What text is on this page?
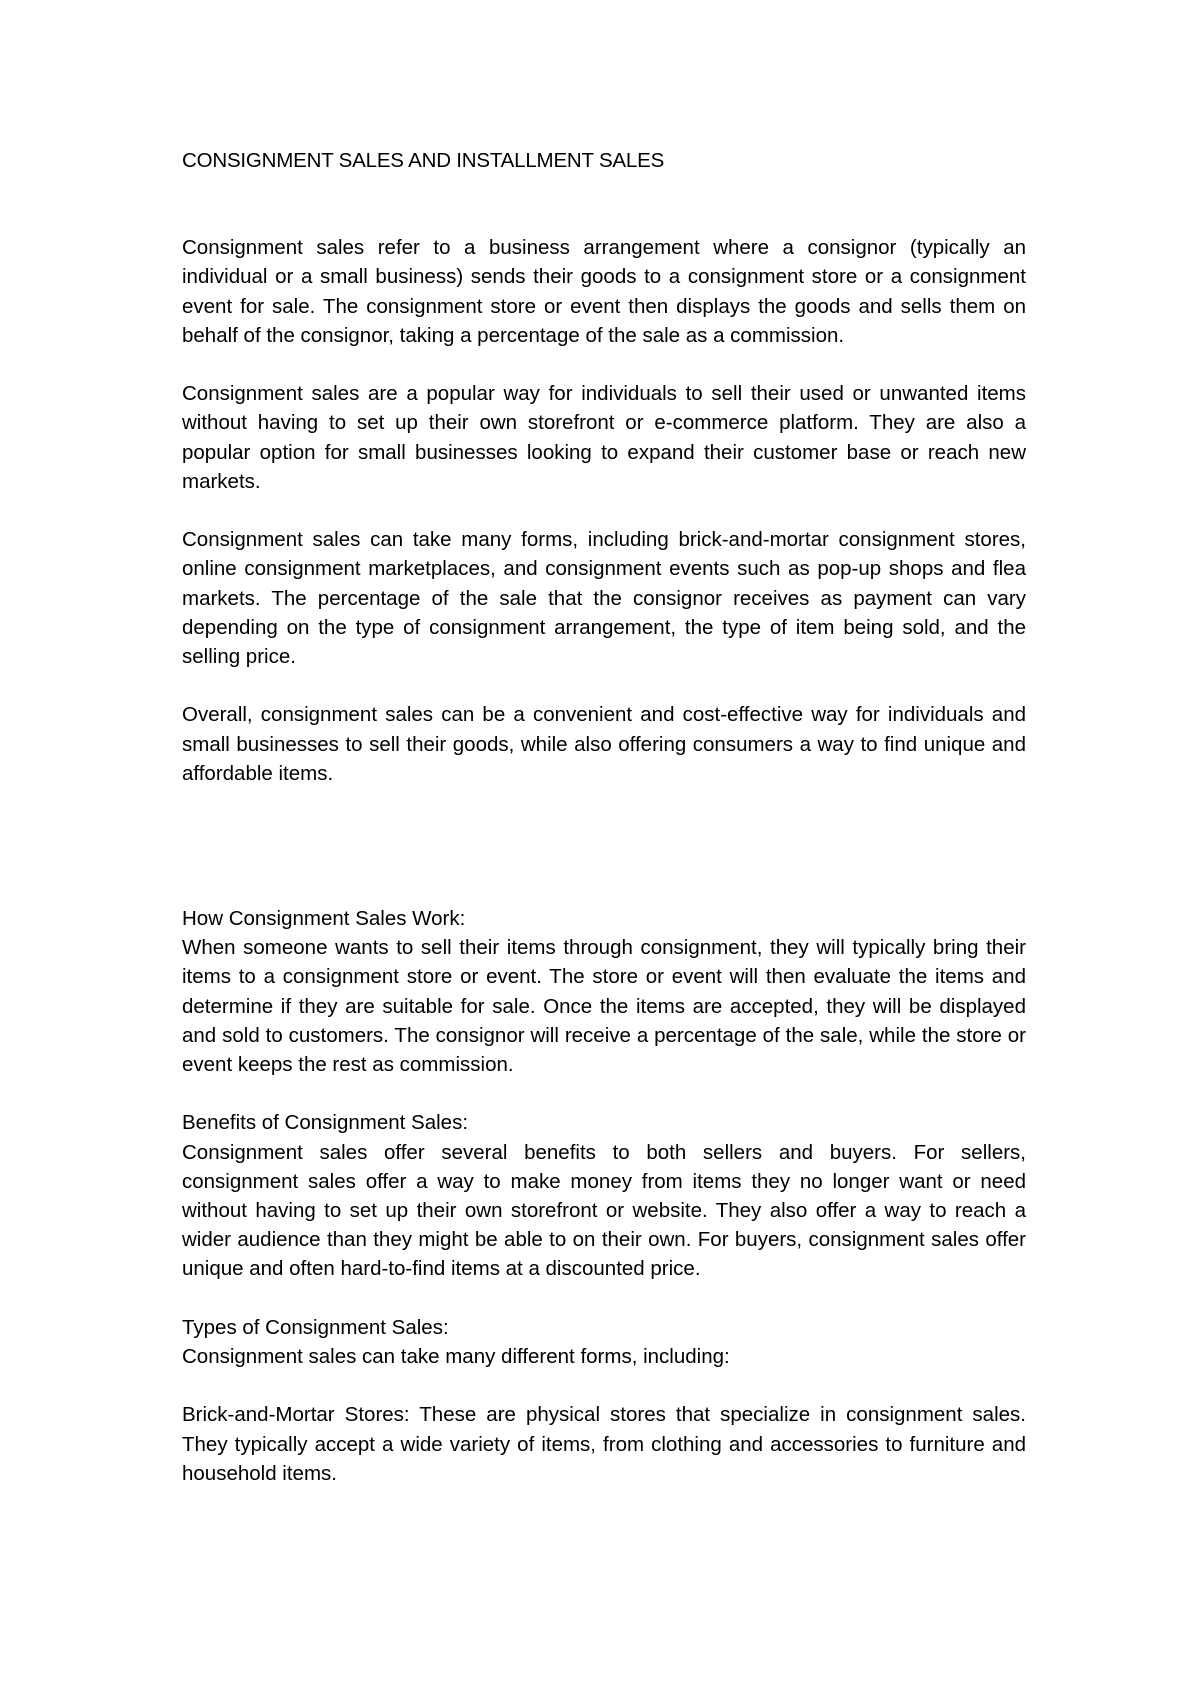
CONSIGNMENT SALES AND INSTALLMENT SALES

Consignment sales refer to a business arrangement where a consignor (typically an individual or a small business) sends their goods to a consignment store or a consignment event for sale. The consignment store or event then displays the goods and sells them on behalf of the consignor, taking a percentage of the sale as a commission.

Consignment sales are a popular way for individuals to sell their used or unwanted items without having to set up their own storefront or e-commerce platform. They are also a popular option for small businesses looking to expand their customer base or reach new markets.

Consignment sales can take many forms, including brick-and-mortar consignment stores, online consignment marketplaces, and consignment events such as pop-up shops and flea markets. The percentage of the sale that the consignor receives as payment can vary depending on the type of consignment arrangement, the type of item being sold, and the selling price.

Overall, consignment sales can be a convenient and cost-effective way for individuals and small businesses to sell their goods, while also offering consumers a way to find unique and affordable items.

How Consignment Sales Work:

When someone wants to sell their items through consignment, they will typically bring their items to a consignment store or event. The store or event will then evaluate the items and determine if they are suitable for sale. Once the items are accepted, they will be displayed and sold to customers. The consignor will receive a percentage of the sale, while the store or event keeps the rest as commission.

Benefits of Consignment Sales:

Consignment sales offer several benefits to both sellers and buyers. For sellers, consignment sales offer a way to make money from items they no longer want or need without having to set up their own storefront or website. They also offer a way to reach a wider audience than they might be able to on their own. For buyers, consignment sales offer unique and often hard-to-find items at a discounted price.

Types of Consignment Sales:

Consignment sales can take many different forms, including:

Brick-and-Mortar Stores: These are physical stores that specialize in consignment sales. They typically accept a wide variety of items, from clothing and accessories to furniture and household items.
